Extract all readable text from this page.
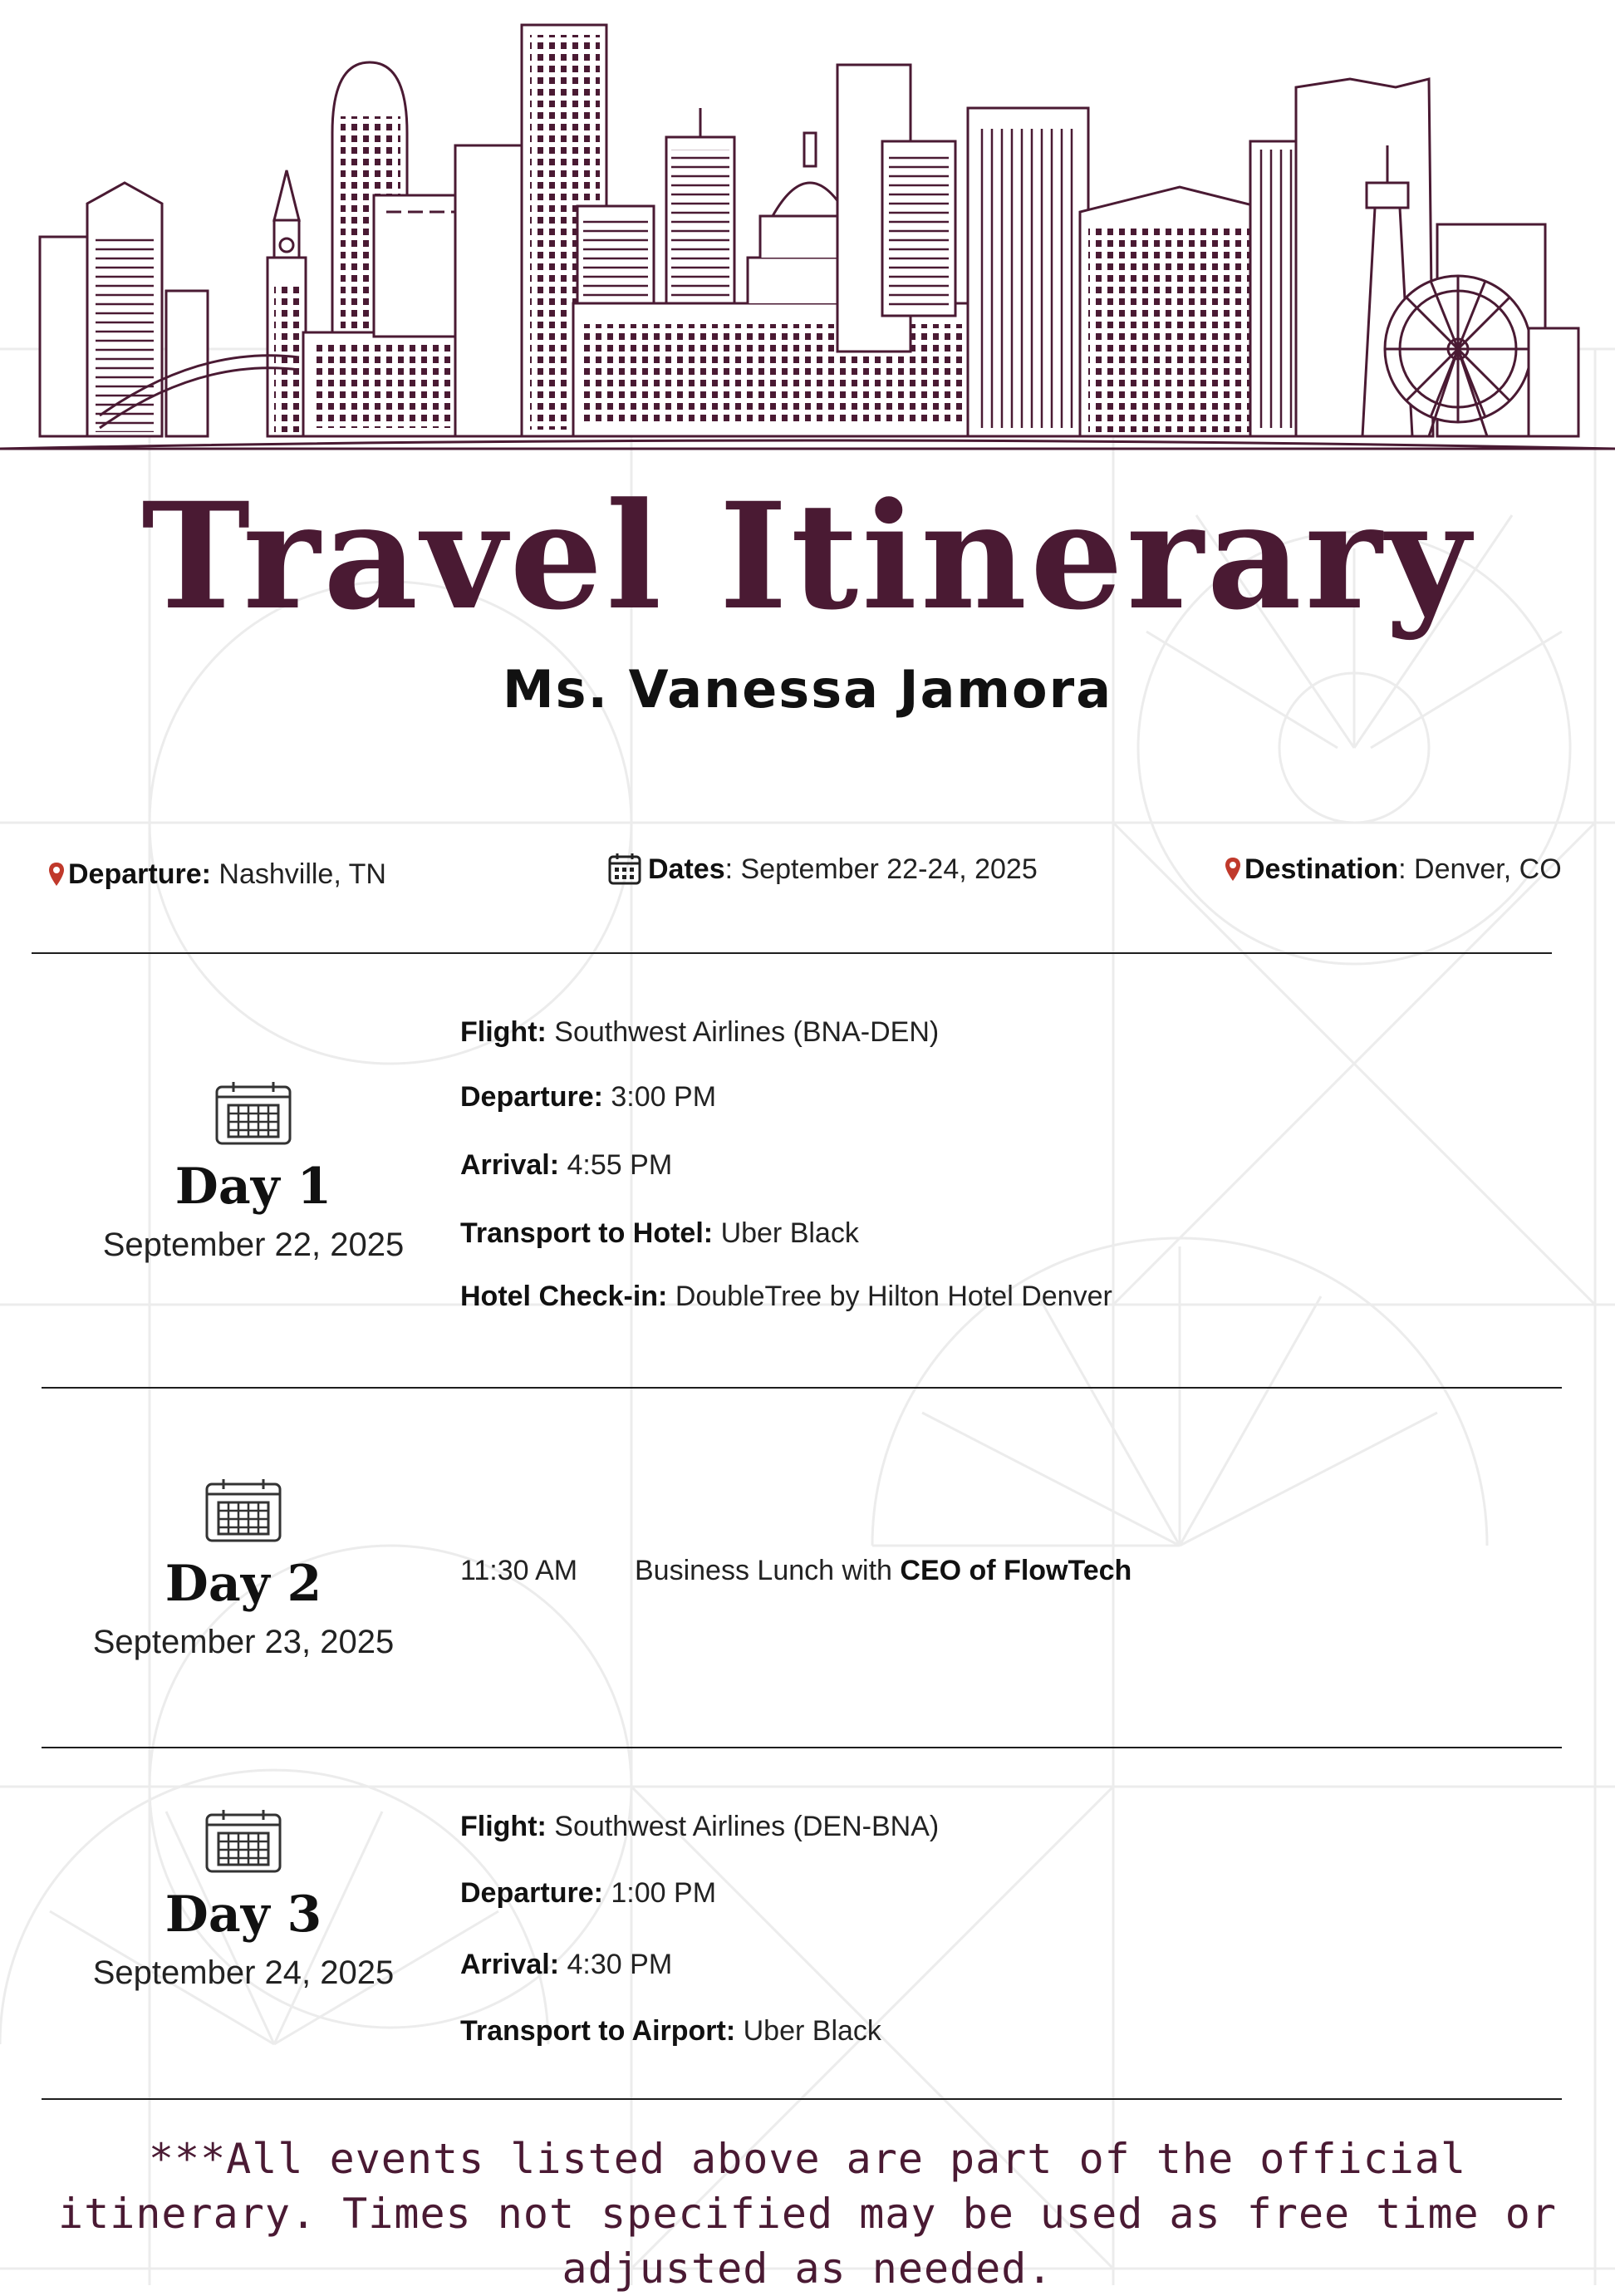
Travel Itinerary
Ms. Vanessa Jamora
Departure: Nashville, TN	Dates: September 22-24, 2025	Destination: Denver, CO
Day 1
September 22, 2025
Flight: Southwest Airlines (BNA-DEN)
Departure: 3:00 PM
Arrival: 4:55 PM
Transport to Hotel: Uber Black
Hotel Check-in: DoubleTree by Hilton Hotel Denver
Day 2
September 23, 2025
11:30 AM Business Lunch with CEO of FlowTech
Day 3
September 24, 2025
Flight: Southwest Airlines (DEN-BNA)
Departure: 1:00 PM
Arrival: 4:30 PM
Transport to Airport: Uber Black
***All events listed above are part of the official itinerary. Times not specified may be used as free time or adjusted as needed.
